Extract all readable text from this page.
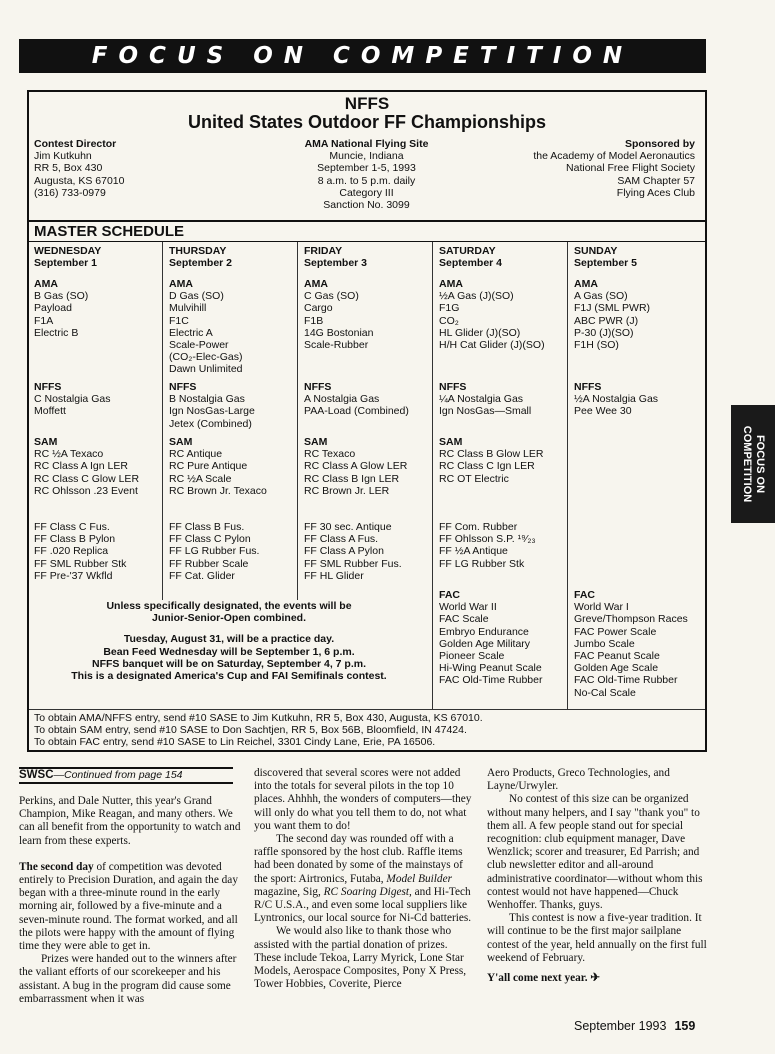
FOCUS ON COMPETITION
FOCUS ON
COMPETITION
NFFS
United States Outdoor FF Championships
Contest Director
Jim Kutkuhn
RR 5, Box 430
Augusta, KS 67010
(316) 733-0979
AMA National Flying Site
Muncie, Indiana
September 1-5, 1993
8 a.m. to 5 p.m. daily
Category III
Sanction No. 3099
Sponsored by
the Academy of Model Aeronautics
National Free Flight Society
SAM Chapter 57
Flying Aces Club
MASTER SCHEDULE
WEDNESDAY
September 1
AMA
B Gas (SO)
Payload
F1A
Electric B
NFFS
C Nostalgia Gas
Moffett
SAM
RC ½A Texaco
RC Class A Ign LER
RC Class C Glow LER
RC Ohlsson .23 Event
FF Class C Fus.
FF Class B Pylon
FF .020 Replica
FF SML Rubber Stk
FF Pre-'37 Wkfld
THURSDAY
September 2
AMA
D Gas (SO)
Mulvihill
F1C
Electric A
Scale-Power
(CO₂-Elec-Gas)
Dawn Unlimited
NFFS
B Nostalgia Gas
Ign NosGas-Large
Jetex (Combined)
SAM
RC Antique
RC Pure Antique
RC ½A Scale
RC Brown Jr. Texaco
FF Class B Fus.
FF Class C Pylon
FF LG Rubber Fus.
FF Rubber Scale
FF Cat. Glider
FRIDAY
September 3
AMA
C Gas (SO)
Cargo
F1B
14G Bostonian
Scale-Rubber
NFFS
A Nostalgia Gas
PAA-Load (Combined)
SAM
RC Texaco
RC Class A Glow LER
RC Class B Ign LER
RC Brown Jr. LER
FF 30 sec. Antique
FF Class A Fus.
FF Class A Pylon
FF SML Rubber Fus.
FF HL Glider
SATURDAY
September 4
AMA
½A Gas (J)(SO)
F1G
CO₂
HL Glider (J)(SO)
H/H Cat Glider (J)(SO)
NFFS
¼A Nostalgia Gas
Ign NosGas—Small
SAM
RC Class B Glow LER
RC Class C Ign LER
RC OT Electric
FF Com. Rubber
FF Ohlsson S.P. ¹⁹⁄₂₃
FF ½A Antique
FF LG Rubber Stk
FAC
World War II
FAC Scale
Embryo Endurance
Golden Age Military
Pioneer Scale
Hi-Wing Peanut Scale
FAC Old-Time Rubber
SUNDAY
September 5
AMA
A Gas (SO)
F1J (SML PWR)
ABC PWR (J)
P-30 (J)(SO)
F1H (SO)
NFFS
½A Nostalgia Gas
Pee Wee 30
FAC
World War I
Greve/Thompson Races
FAC Power Scale
Jumbo Scale
FAC Peanut Scale
Golden Age Scale
FAC Old-Time Rubber
No-Cal Scale
Unless specifically designated, the events will be
Junior-Senior-Open combined.
Tuesday, August 31, will be a practice day.
Bean Feed Wednesday will be September 1, 6 p.m.
NFFS banquet will be on Saturday, September 4, 7 p.m.
This is a designated America's Cup and FAI Semifinals contest.
To obtain AMA/NFFS entry, send #10 SASE to Jim Kutkuhn, RR 5, Box 430, Augusta, KS 67010.
To obtain SAM entry, send #10 SASE to Don Sachtjen, RR 5, Box 56B, Bloomfield, IN 47424.
To obtain FAC entry, send #10 SASE to Lin Reichel, 3301 Cindy Lane, Erie, PA 16506.
SWSC—Continued from page 154

Perkins, and Dale Nutter, this year's Grand Champion, Mike Reagan, and many others. We can all benefit from the opportunity to watch and learn from these experts.

The second day of competition was devoted entirely to Precision Duration, and again the day began with a three-minute round in the early morning air, followed by a five-minute and a seven-minute round. The format worked, and all the pilots were happy with the amount of flying time they were able to get in.

Prizes were handed out to the winners after the valiant efforts of our scorekeeper and his assistant. A bug in the program did cause some embarrassment when it was

discovered that several scores were not added into the totals for several pilots in the top 10 places. Ahhhh, the wonders of computers—they will only do what you tell them to do, not what you want them to do!

The second day was rounded off with a raffle sponsored by the host club. Raffle items had been donated by some of the mainstays of the sport: Airtronics, Futaba, Model Builder magazine, Sig, RC Soaring Digest, and Hi-Tech R/C U.S.A., and even some local suppliers like Lyntronics, our local source for Ni-Cd batteries.

We would also like to thank those who assisted with the partial donation of prizes. These include Tekoa, Larry Myrick, Lone Star Models, Aerospace Composites, Pony X Press, Tower Hobbies, Coverite, Pierce

Aero Products, Greco Technologies, and Layne/Urwyler.

No contest of this size can be organized without many helpers, and I say "thank you" to them all. A few people stand out for special recognition: club equipment manager, Dave Wenzlick; scorer and treasurer, Ed Parrish; and club newsletter editor and all-around administrative coordinator—without whom this contest would not have happened—Chuck Wenhoffer. Thanks, guys.

This contest is now a five-year tradition. It will continue to be the first major sailplane contest of the year, held annually on the first full weekend of February.

Y'all come next year. ✈

September 1993 159
